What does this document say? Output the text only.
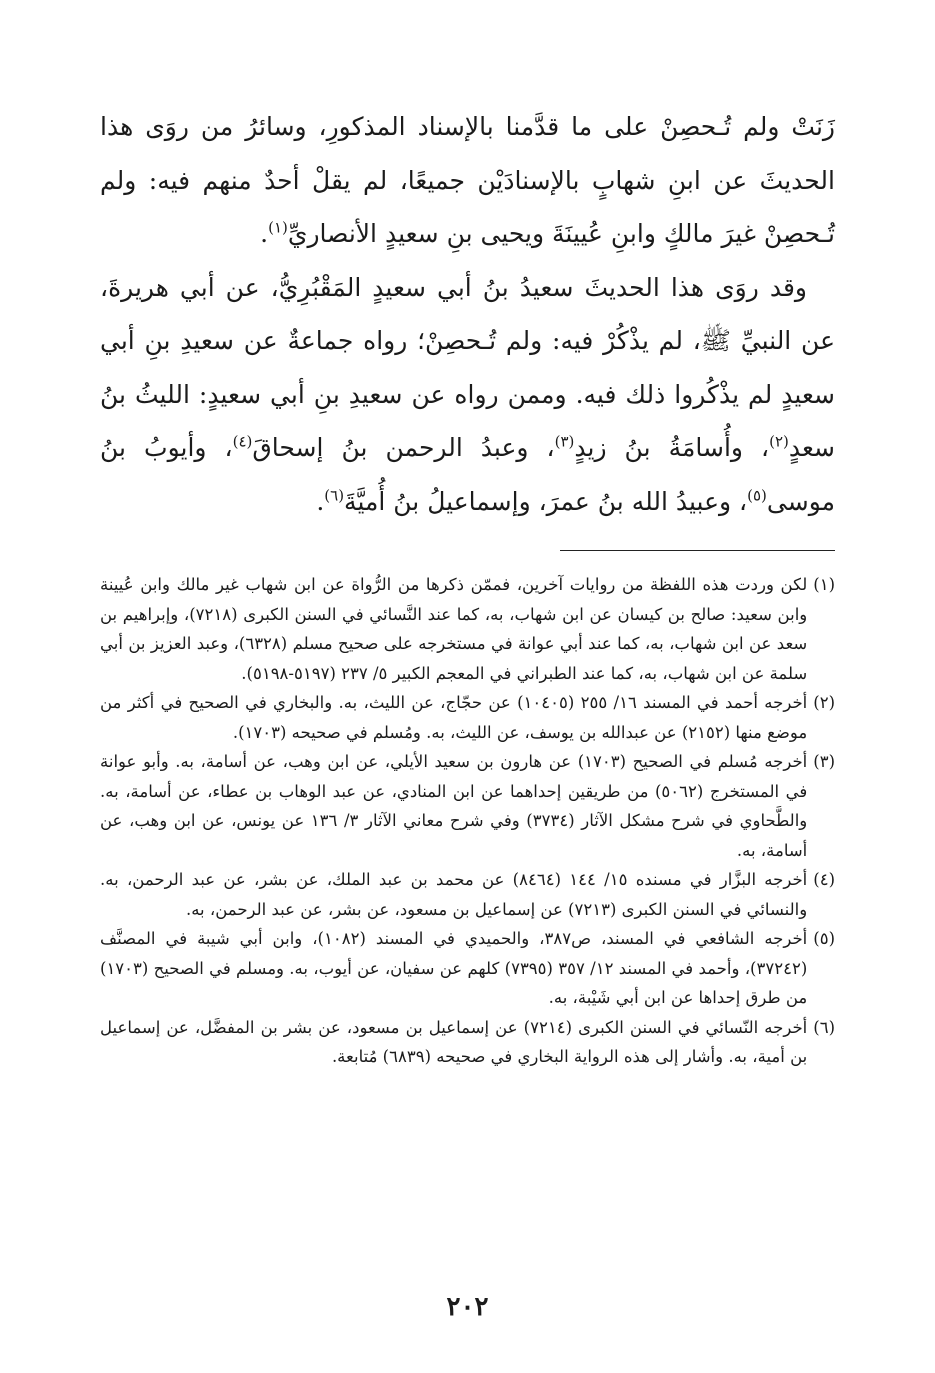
زَنَتْ ولم تُـحصِنْ على ما قدَّمنا بالإسناد المذكورِ، وسائرُ من روَى هذا الحديثَ عن ابنِ شهابٍ بالإسنادَيْن جميعًا، لم يقلْ أحدٌ منهم فيه: ولم تُـحصِنْ غيرَ مالكٍ وابنِ عُيينَةَ ويحيى بنِ سعيدٍ الأنصاريِّ$^{(١)}$.

وقد روَى هذا الحديثَ سعيدُ بنُ أبي سعيدٍ المَقْبُرِيُّ، عن أبي هريرةَ، عن النبيِّ ﷺ، لم يذْكُرْ فيه: ولم تُـحصِنْ؛ رواه جماعةٌ عن سعيدِ بنِ أبي سعيدٍ لم يذْكُروا ذلك فيه. وممن رواه عن سعيدِ بنِ أبي سعيدٍ: الليثُ بنُ سعدٍ$^{(٢)}$، وأُسامَةُ بنُ زيدٍ$^{(٣)}$، وعبدُ الرحمن بنُ إسحاقَ$^{(٤)}$، وأيوبُ بنُ موسى$^{(٥)}$، وعبيدُ الله بنُ عمرَ، وإسماعيلُ بنُ أُميَّةَ$^{(٦)}$.

(١)
لكن وردت هذه اللفظة من روايات آخرين، فممّن ذكرها من الرُّواة عن ابن شهاب غير مالك وابن عُيينة وابن سعيد: صالح بن كيسان عن ابن شهاب، به، كما عند النَّسائي في السنن الكبرى (٧٢١٨)، وإبراهيم بن سعد عن ابن شهاب، به، كما عند أبي عوانة في مستخرجه على صحيح مسلم (٦٣٢٨)، وعبد العزيز بن أبي سلمة عن ابن شهاب، به، كما عند الطبراني في المعجم الكبير ٥/ ٢٣٧ (٥١٩٧-٥١٩٨).
(٢)
أخرجه أحمد في المسند ١٦/ ٢٥٥ (١٠٤٠٥) عن حجّاج، عن الليث، به. والبخاري في الصحيح في أكثر من موضع منها (٢١٥٢) عن عبدالله بن يوسف، عن الليث، به. ومُسلم في صحيحه (١٧٠٣).
(٣)
أخرجه مُسلم في الصحيح (١٧٠٣) عن هارون بن سعيد الأيلي، عن ابن وهب، عن أسامة، به. وأبو عوانة في المستخرج (٥٠٦٢) من طريقين إحداهما عن ابن المنادي، عن عبد الوهاب بن عطاء، عن أسامة، به. والطَّحاوي في شرح مشكل الآثار (٣٧٣٤) وفي شرح معاني الآثار ٣/ ١٣٦ عن يونس، عن ابن وهب، عن أسامة، به.
(٤)
أخرجه البزَّار في مسنده ١٥/ ١٤٤ (٨٤٦٤) عن محمد بن عبد الملك، عن بشر، عن عبد الرحمن، به. والنسائي في السنن الكبرى (٧٢١٣) عن إسماعيل بن مسعود، عن بشر، عن عبد الرحمن، به.
(٥)
أخرجه الشافعي في المسند، ص٣٨٧، والحميدي في المسند (١٠٨٢)، وابن أبي شيبة في المصنَّف (٣٧٢٤٢)، وأحمد في المسند ١٢/ ٣٥٧ (٧٣٩٥) كلهم عن سفيان، عن أيوب، به. ومسلم في الصحيح (١٧٠٣) من طرق إحداها عن ابن أبي شَيْبة، به.
(٦)
أخرجه النّسائي في السنن الكبرى (٧٢١٤) عن إسماعيل بن مسعود، عن بشر بن المفضَّل، عن إسماعيل بن أمية، به. وأشار إلى هذه الرواية البخاري في صحيحه (٦٨٣٩) مُتابعة.
٢٠٢
